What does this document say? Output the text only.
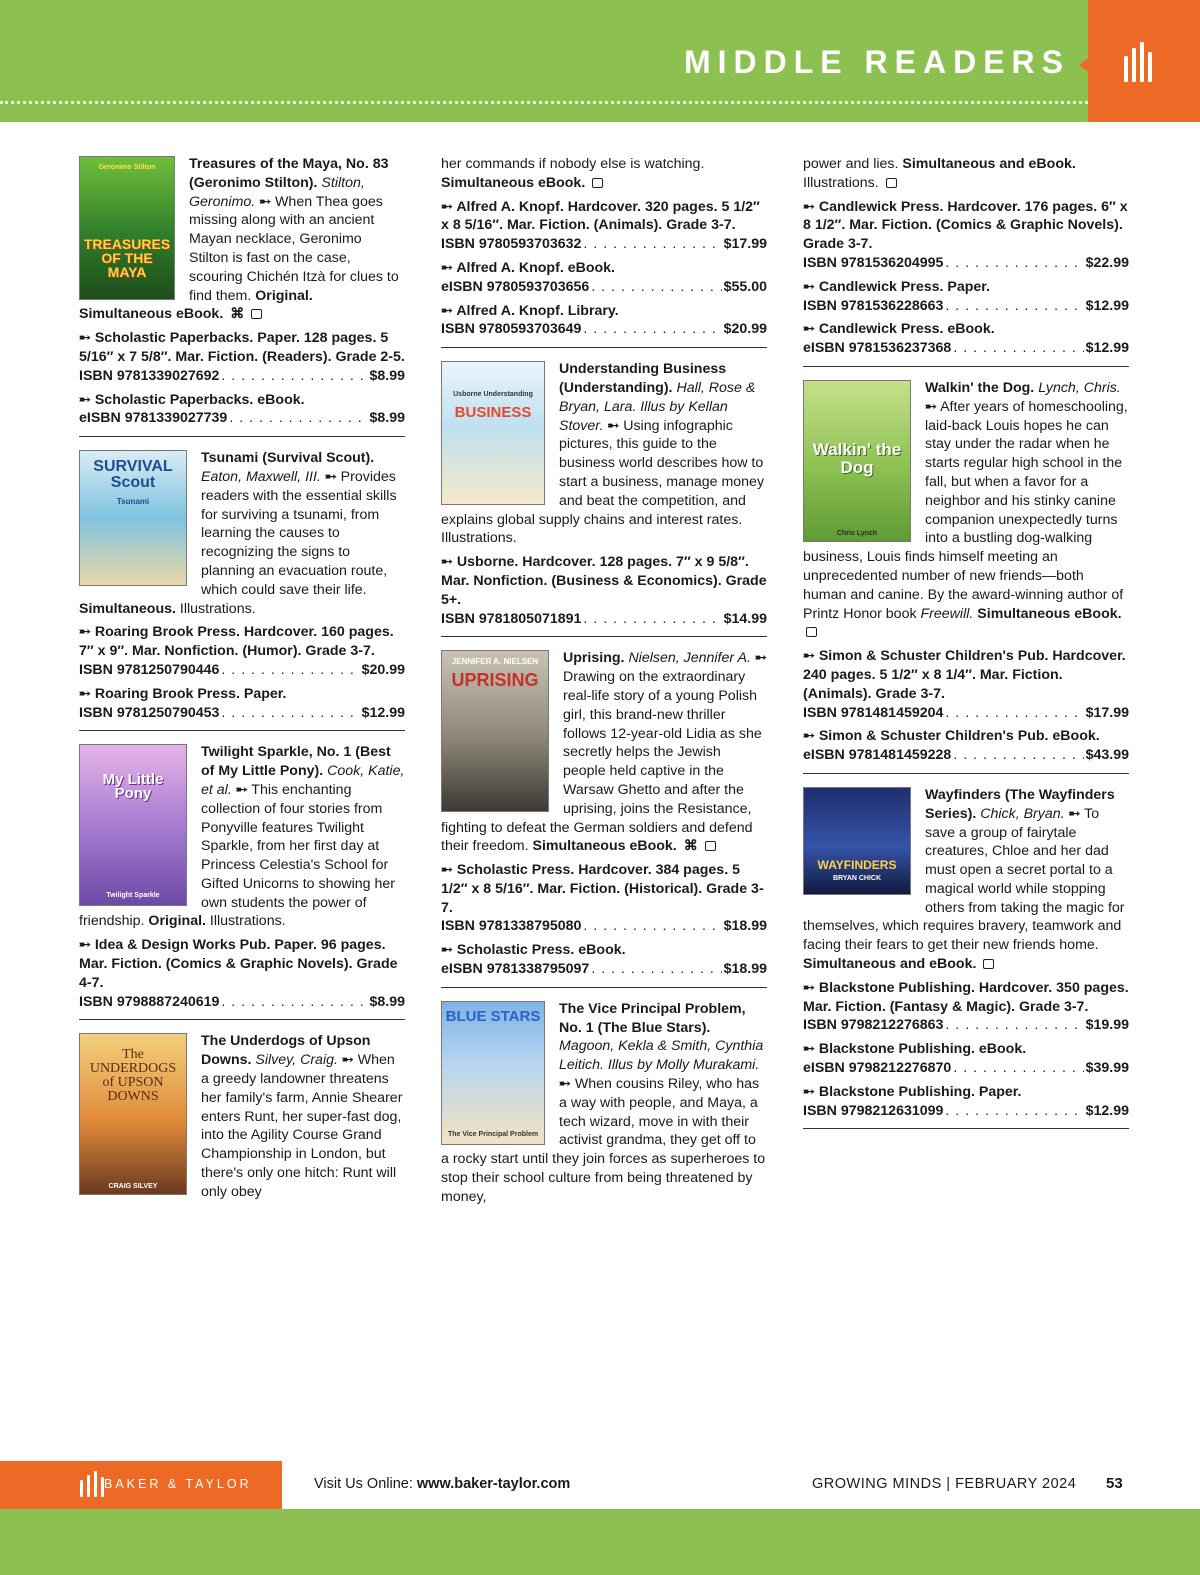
MIDDLE READERS
Geronimo Stilton
TREASURES OF THE MAYA
Treasures of the Maya, No. 83 (Geronimo Stilton). Stilton, Geronimo. ➸ When Thea goes missing along with an ancient Mayan necklace, Geronimo Stilton is fast on the case, scouring Chichén Itzà for clues to find them. Original. Simultaneous eBook. ⌘
➸ Scholastic Paperbacks. Paper. 128 pages. 5 5/16″ x 7 5/8″. Mar. Fiction. (Readers). Grade 2-5.
ISBN 9781339027692 . . .	$8.99
➸ Scholastic Paperbacks. eBook.
eISBN 9781339027739 . . .	$8.99
SURVIVAL Scout
Tsunami
Tsunami (Survival Scout). Eaton, Maxwell, III. ➸ Provides readers with the essential skills for surviving a tsunami, from learning the causes to recognizing the signs to planning an evacuation route, which could save their life. Simultaneous. Illustrations.
➸ Roaring Brook Press. Hardcover. 160 pages. 7″ x 9″. Mar. Nonfiction. (Humor). Grade 3-7.
ISBN 9781250790446 . . .	$20.99
➸ Roaring Brook Press. Paper.
ISBN 9781250790453 . . .	$12.99
My Little Pony
Twilight Sparkle
Twilight Sparkle, No. 1 (Best of My Little Pony). Cook, Katie, et al. ➸ This enchanting collection of four stories from Ponyville features Twilight Sparkle, from her first day at Princess Celestia's School for Gifted Unicorns to showing her own students the power of friendship. Original. Illustrations.
➸ Idea & Design Works Pub. Paper. 96 pages. Mar. Fiction. (Comics & Graphic Novels). Grade 4-7.
ISBN 9798887240619 . . .	$8.99
The UNDERDOGS of UPSON DOWNS
CRAIG SILVEY
The Underdogs of Upson Downs. Silvey, Craig. ➸ When a greedy landowner threatens her family's farm, Annie Shearer enters Runt, her super-fast dog, into the Agility Course Grand Championship in London, but there's only one hitch: Runt will only obey
her commands if nobody else is watching. Simultaneous eBook.
➸ Alfred A. Knopf. Hardcover. 320 pages. 5 1/2″ x 8 5/16″. Mar. Fiction. (Animals). Grade 3-7.
ISBN 9780593703632 . . .	$17.99
➸ Alfred A. Knopf. eBook.
eISBN 9780593703656 . . .	$55.00
➸ Alfred A. Knopf. Library.
ISBN 9780593703649 . . .	$20.99
Usborne Understanding
BUSINESS
Understanding Business (Understanding). Hall, Rose & Bryan, Lara. Illus by Kellan Stover. ➸ Using infographic pictures, this guide to the business world describes how to start a business, manage money and beat the competition, and explains global supply chains and interest rates. Illustrations.
➸ Usborne. Hardcover. 128 pages. 7″ x 9 5/8″. Mar. Nonfiction. (Business & Economics). Grade 5+.
ISBN 9781805071891 . . .	$14.99
JENNIFER A. NIELSEN
UPRISING
Uprising. Nielsen, Jennifer A. ➸ Drawing on the extraordinary real-life story of a young Polish girl, this brand-new thriller follows 12-year-old Lidia as she secretly helps the Jewish people held captive in the Warsaw Ghetto and after the uprising, joins the Resistance, fighting to defeat the German soldiers and defend their freedom. Simultaneous eBook. ⌘
➸ Scholastic Press. Hardcover. 384 pages. 5 1/2″ x 8 5/16″. Mar. Fiction. (Historical). Grade 3-7.
ISBN 9781338795080 . . .	$18.99
➸ Scholastic Press. eBook.
eISBN 9781338795097 . . .	$18.99
BLUE STARS
The Vice Principal Problem
The Vice Principal Problem, No. 1 (The Blue Stars). Magoon, Kekla & Smith, Cynthia Leitich. Illus by Molly Murakami. ➸ When cousins Riley, who has a way with people, and Maya, a tech wizard, move in with their activist grandma, they get off to a rocky start until they join forces as superheroes to stop their school culture from being threatened by money,
power and lies. Simultaneous and eBook. Illustrations.
➸ Candlewick Press. Hardcover. 176 pages. 6″ x 8 1/2″. Mar. Fiction. (Comics & Graphic Novels). Grade 3-7.
ISBN 9781536204995 . . .	$22.99
➸ Candlewick Press. Paper.
ISBN 9781536228663 . . .	$12.99
➸ Candlewick Press. eBook.
eISBN 9781536237368 . . .	$12.99
Walkin' the Dog
Chris Lynch
Walkin' the Dog. Lynch, Chris. ➸ After years of homeschooling, laid-back Louis hopes he can stay under the radar when he starts regular high school in the fall, but when a favor for a neighbor and his stinky canine companion unexpectedly turns into a bustling dog-walking business, Louis finds himself meeting an unprecedented number of new friends—both human and canine. By the award-winning author of Printz Honor book Freewill. Simultaneous eBook.
➸ Simon & Schuster Children's Pub. Hardcover. 240 pages. 5 1/2″ x 8 1/4″. Mar. Fiction. (Animals). Grade 3-7.
ISBN 9781481459204 . . .	$17.99
➸ Simon & Schuster Children's Pub. eBook.
eISBN 9781481459228 . . .	$43.99
WAYFINDERS
BRYAN CHICK
Wayfinders (The Wayfinders Series). Chick, Bryan. ➸ To save a group of fairytale creatures, Chloe and her dad must open a secret portal to a magical world while stopping others from taking the magic for themselves, which requires bravery, teamwork and facing their fears to get their new friends home. Simultaneous and eBook.
➸ Blackstone Publishing. Hardcover. 350 pages. Mar. Fiction. (Fantasy & Magic). Grade 3-7.
ISBN 9798212276863 . . .	$19.99
➸ Blackstone Publishing. eBook.
eISBN 9798212276870 . . .	$39.99
➸ Blackstone Publishing. Paper.
ISBN 9798212631099 . . .	$12.99
BAKER & TAYLOR	Visit Us Online: www.baker-taylor.com	GROWING MINDS | FEBRUARY 2024 53
